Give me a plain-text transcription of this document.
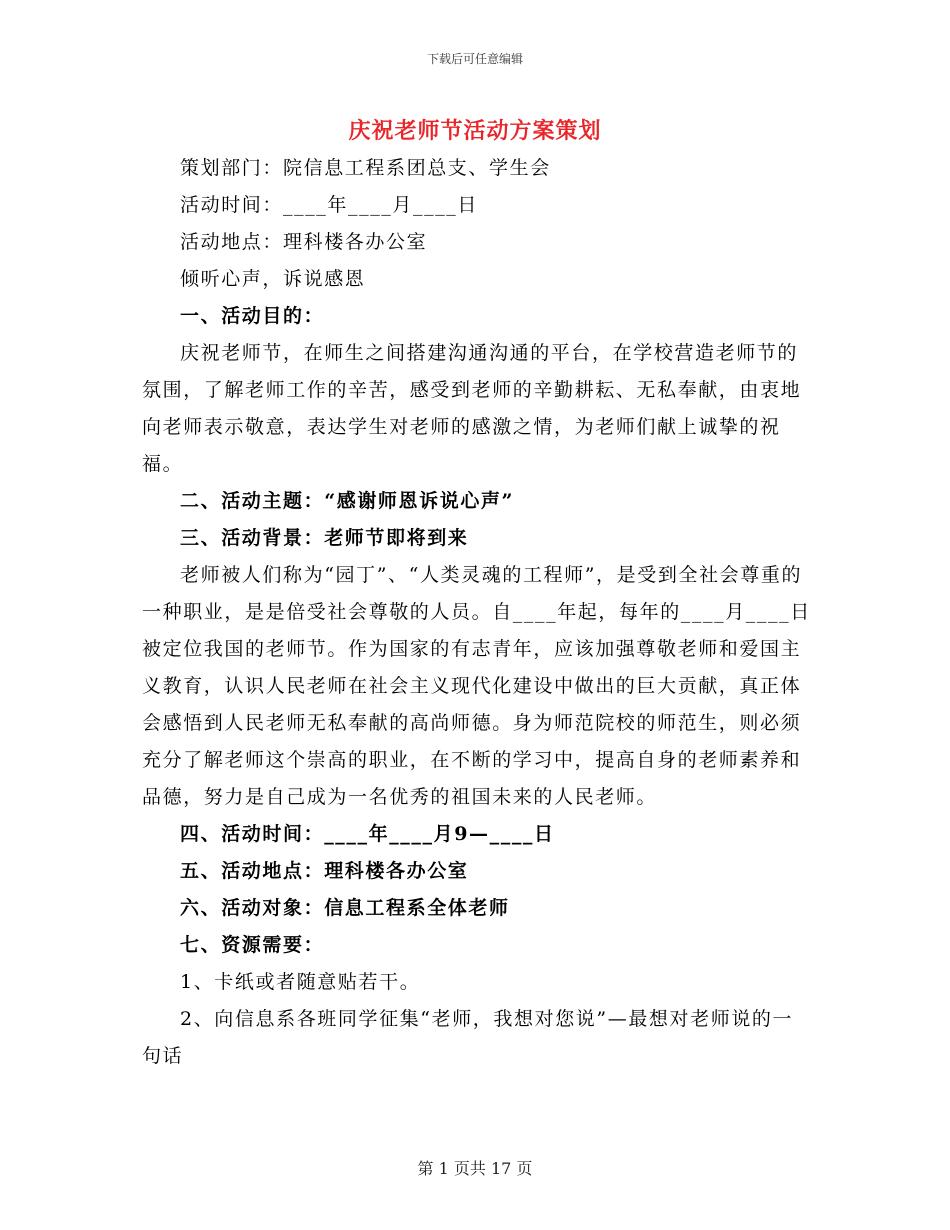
下载后可任意编辑
庆祝老师节活动方案策划

策划部门：院信息工程系团总支、学生会

活动时间：____年____月____日

活动地点：理科楼各办公室

倾听心声，诉说感恩

一、活动目的：

庆祝老师节，在师生之间搭建沟通沟通的平台，在学校营造老师节的氛围，了解老师工作的辛苦，感受到老师的辛勤耕耘、无私奉献，由衷地向老师表示敬意，表达学生对老师的感激之情，为老师们献上诚挚的祝福。

二、活动主题：“感谢师恩诉说心声”

三、活动背景：老师节即将到来

老师被人们称为“园丁”、“人类灵魂的工程师”，是受到全社会尊重的一种职业，是是倍受社会尊敬的人员。自____年起，每年的____月____日被定位我国的老师节。作为国家的有志青年，应该加强尊敬老师和爱国主义教育，认识人民老师在社会主义现代化建设中做出的巨大贡献，真正体会感悟到人民老师无私奉献的高尚师德。身为师范院校的师范生，则必须充分了解老师这个崇高的职业，在不断的学习中，提高自身的老师素养和品德，努力是自己成为一名优秀的祖国未来的人民老师。

四、活动时间：____年____月9—____日

五、活动地点：理科楼各办公室

六、活动对象：信息工程系全体老师

七、资源需要：

1、卡纸或者随意贴若干。

2、向信息系各班同学征集“老师，我想对您说”—最想对老师说的一句话

第 1 页共 17 页
